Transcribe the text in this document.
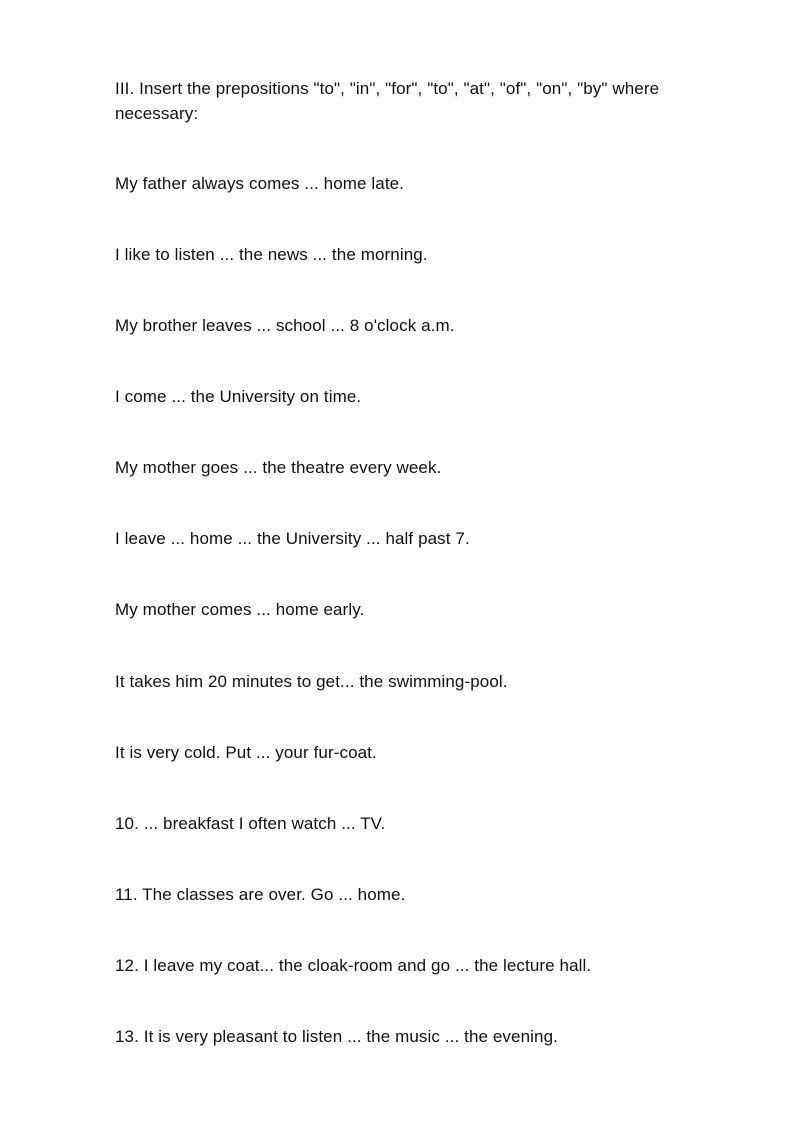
III. Insert the prepositions "to", "in", "for", "to", "at", "of", "on", "by" where necessary:
My father always comes ... home late.
I like to listen ... the news ... the morning.
My brother leaves ... school ... 8 o'clock a.m.
I come ... the University on time.
My mother goes ... the theatre every week.
I leave ... home ... the University ... half past 7.
My mother comes ... home early.
It takes him 20 minutes to get... the swimming-pool.
It is very cold. Put ... your fur-coat.
10. ... breakfast I often watch ... TV.
11. The classes are over. Go ... home.
12. I leave my coat... the cloak-room and go ... the lecture hall.
13. It is very pleasant to listen ... the music ... the evening.
